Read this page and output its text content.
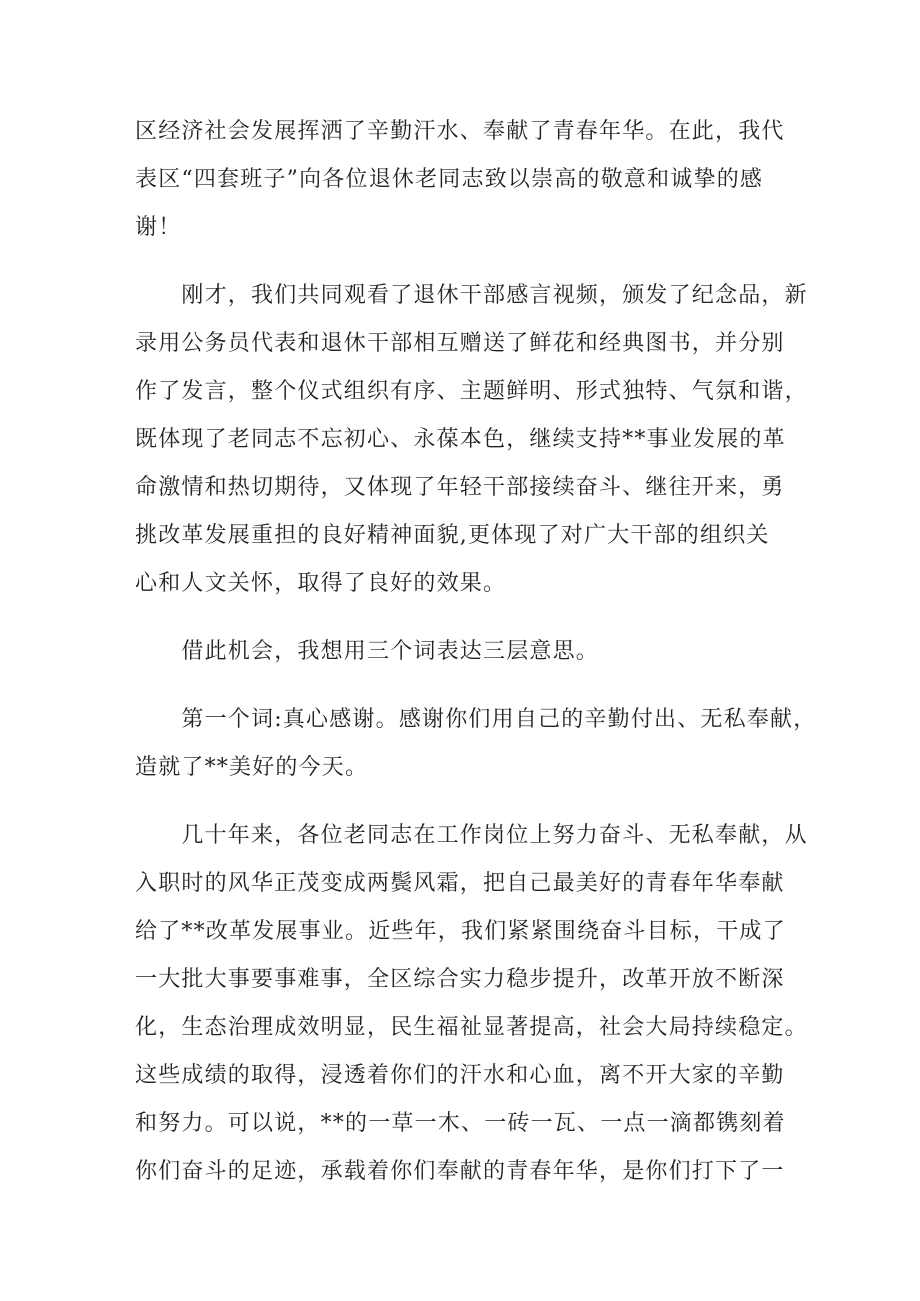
区经济社会发展挥洒了辛勤汗水、奉献了青春年华。在此，我代
表区“四套班子”向各位退休老同志致以崇高的敬意和诚挚的感
谢！

　　刚才，我们共同观看了退休干部感言视频，颁发了纪念品，新
录用公务员代表和退休干部相互赠送了鲜花和经典图书，并分别
作了发言，整个仪式组织有序、主题鲜明、形式独特、气氛和谐，
既体现了老同志不忘初心、永葆本色，继续支持**事业发展的革
命激情和热切期待，又体现了年轻干部接续奋斗、继往开来，勇
挑改革发展重担的良好精神面貌,更体现了对广大干部的组织关
心和人文关怀，取得了良好的效果。

　　借此机会，我想用三个词表达三层意思。

　　第一个词:真心感谢。感谢你们用自己的辛勤付出、无私奉献，
造就了**美好的今天。

　　几十年来，各位老同志在工作岗位上努力奋斗、无私奉献，从
入职时的风华正茂变成两鬓风霜，把自己最美好的青春年华奉献
给了**改革发展事业。近些年，我们紧紧围绕奋斗目标，干成了
一大批大事要事难事，全区综合实力稳步提升，改革开放不断深
化，生态治理成效明显，民生福祉显著提高，社会大局持续稳定。
这些成绩的取得，浸透着你们的汗水和心血，离不开大家的辛勤
和努力。可以说，**的一草一木、一砖一瓦、一点一滴都镌刻着
你们奋斗的足迹，承载着你们奉献的青春年华，是你们打下了一
